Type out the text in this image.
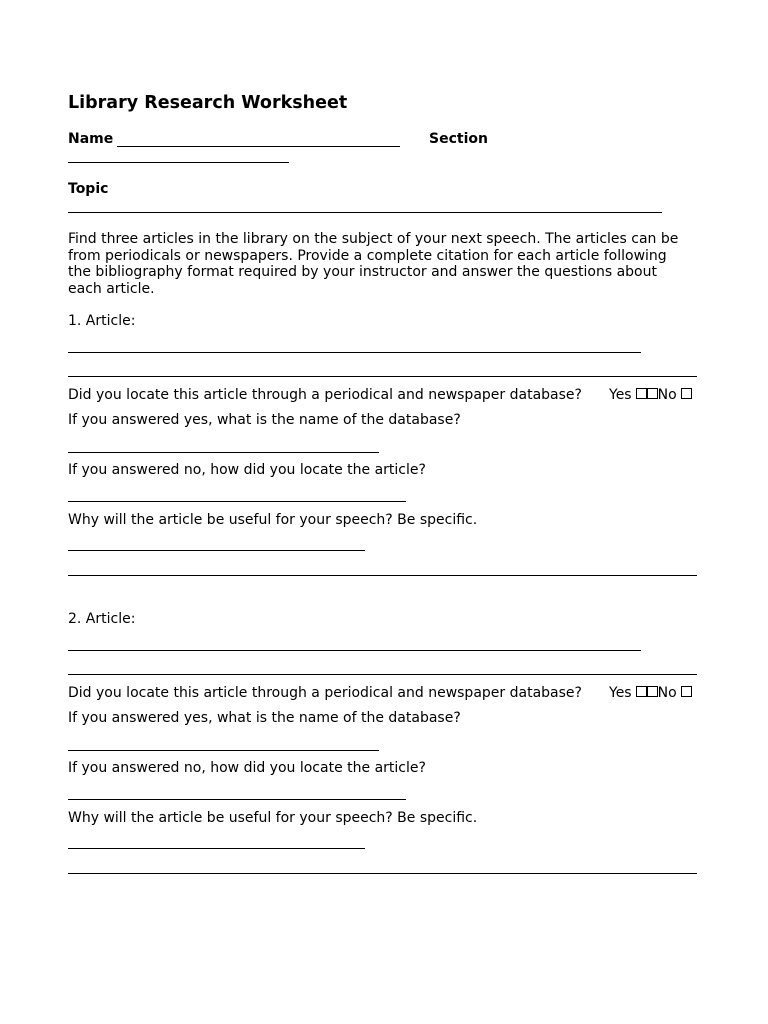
Library Research Worksheet
Name	Section
Topic
Find three articles in the library on the subject of your next speech. The articles can be from periodicals or newspapers. Provide a complete citation for each article following the bibliography format required by your instructor and answer the questions about each article.
1. Article:
Did you locate this article through a periodical and newspaper database? Yes No
If you answered yes, what is the name of the database?
If you answered no, how did you locate the article?
Why will the article be useful for your speech? Be specific.
2. Article:
Did you locate this article through a periodical and newspaper database? Yes No
If you answered yes, what is the name of the database?
If you answered no, how did you locate the article?
Why will the article be useful for your speech? Be specific.
